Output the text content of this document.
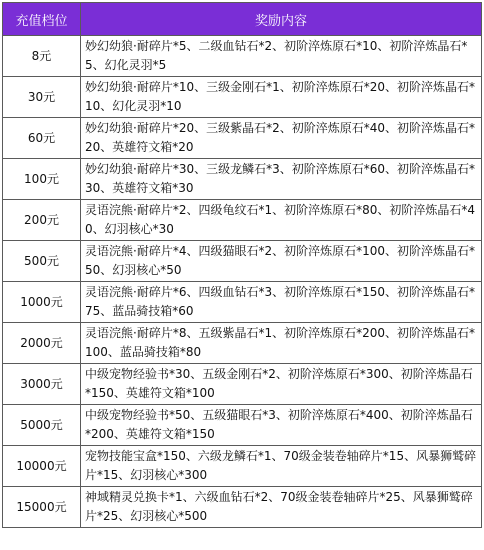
充值档位	奖励内容
8元	妙幻幼狼·耐碎片*5、二级血钻石*2、初阶淬炼原石*10、初阶淬炼晶石*5、幻化灵羽*5
30元	妙幻幼狼·耐碎片*10、三级金刚石*1、初阶淬炼原石*20、初阶淬炼晶石*10、幻化灵羽*10
60元	妙幻幼狼·耐碎片*20、三级紫晶石*2、初阶淬炼原石*40、初阶淬炼晶石*20、英雄符文箱*20
100元	妙幻幼狼·耐碎片*30、三级龙鳞石*3、初阶淬炼原石*60、初阶淬炼晶石*30、英雄符文箱*30
200元	灵语浣熊·耐碎片*2、四级龟纹石*1、初阶淬炼原石*80、初阶淬炼晶石*40、幻羽核心*30
500元	灵语浣熊·耐碎片*4、四级猫眼石*2、初阶淬炼原石*100、初阶淬炼晶石*50、幻羽核心*50
1000元	灵语浣熊·耐碎片*6、四级血钻石*3、初阶淬炼原石*150、初阶淬炼晶石*75、蓝品骑技箱*60
2000元	灵语浣熊·耐碎片*8、五级紫晶石*1、初阶淬炼原石*200、初阶淬炼晶石*100、蓝品骑技箱*80
3000元	中级宠物经验书*30、五级金刚石*2、初阶淬炼原石*300、初阶淬炼晶石*150、英雄符文箱*100
5000元	中级宠物经验书*50、五级猫眼石*3、初阶淬炼原石*400、初阶淬炼晶石*200、英雄符文箱*150
10000元	宠物技能宝盒*150、六级龙鳞石*1、70级金装卷轴碎片*15、风暴狮鹫碎片*15、幻羽核心*300
15000元	神域精灵兑换卡*1、六级血钻石*2、70级金装卷轴碎片*25、风暴狮鹫碎片*25、幻羽核心*500
